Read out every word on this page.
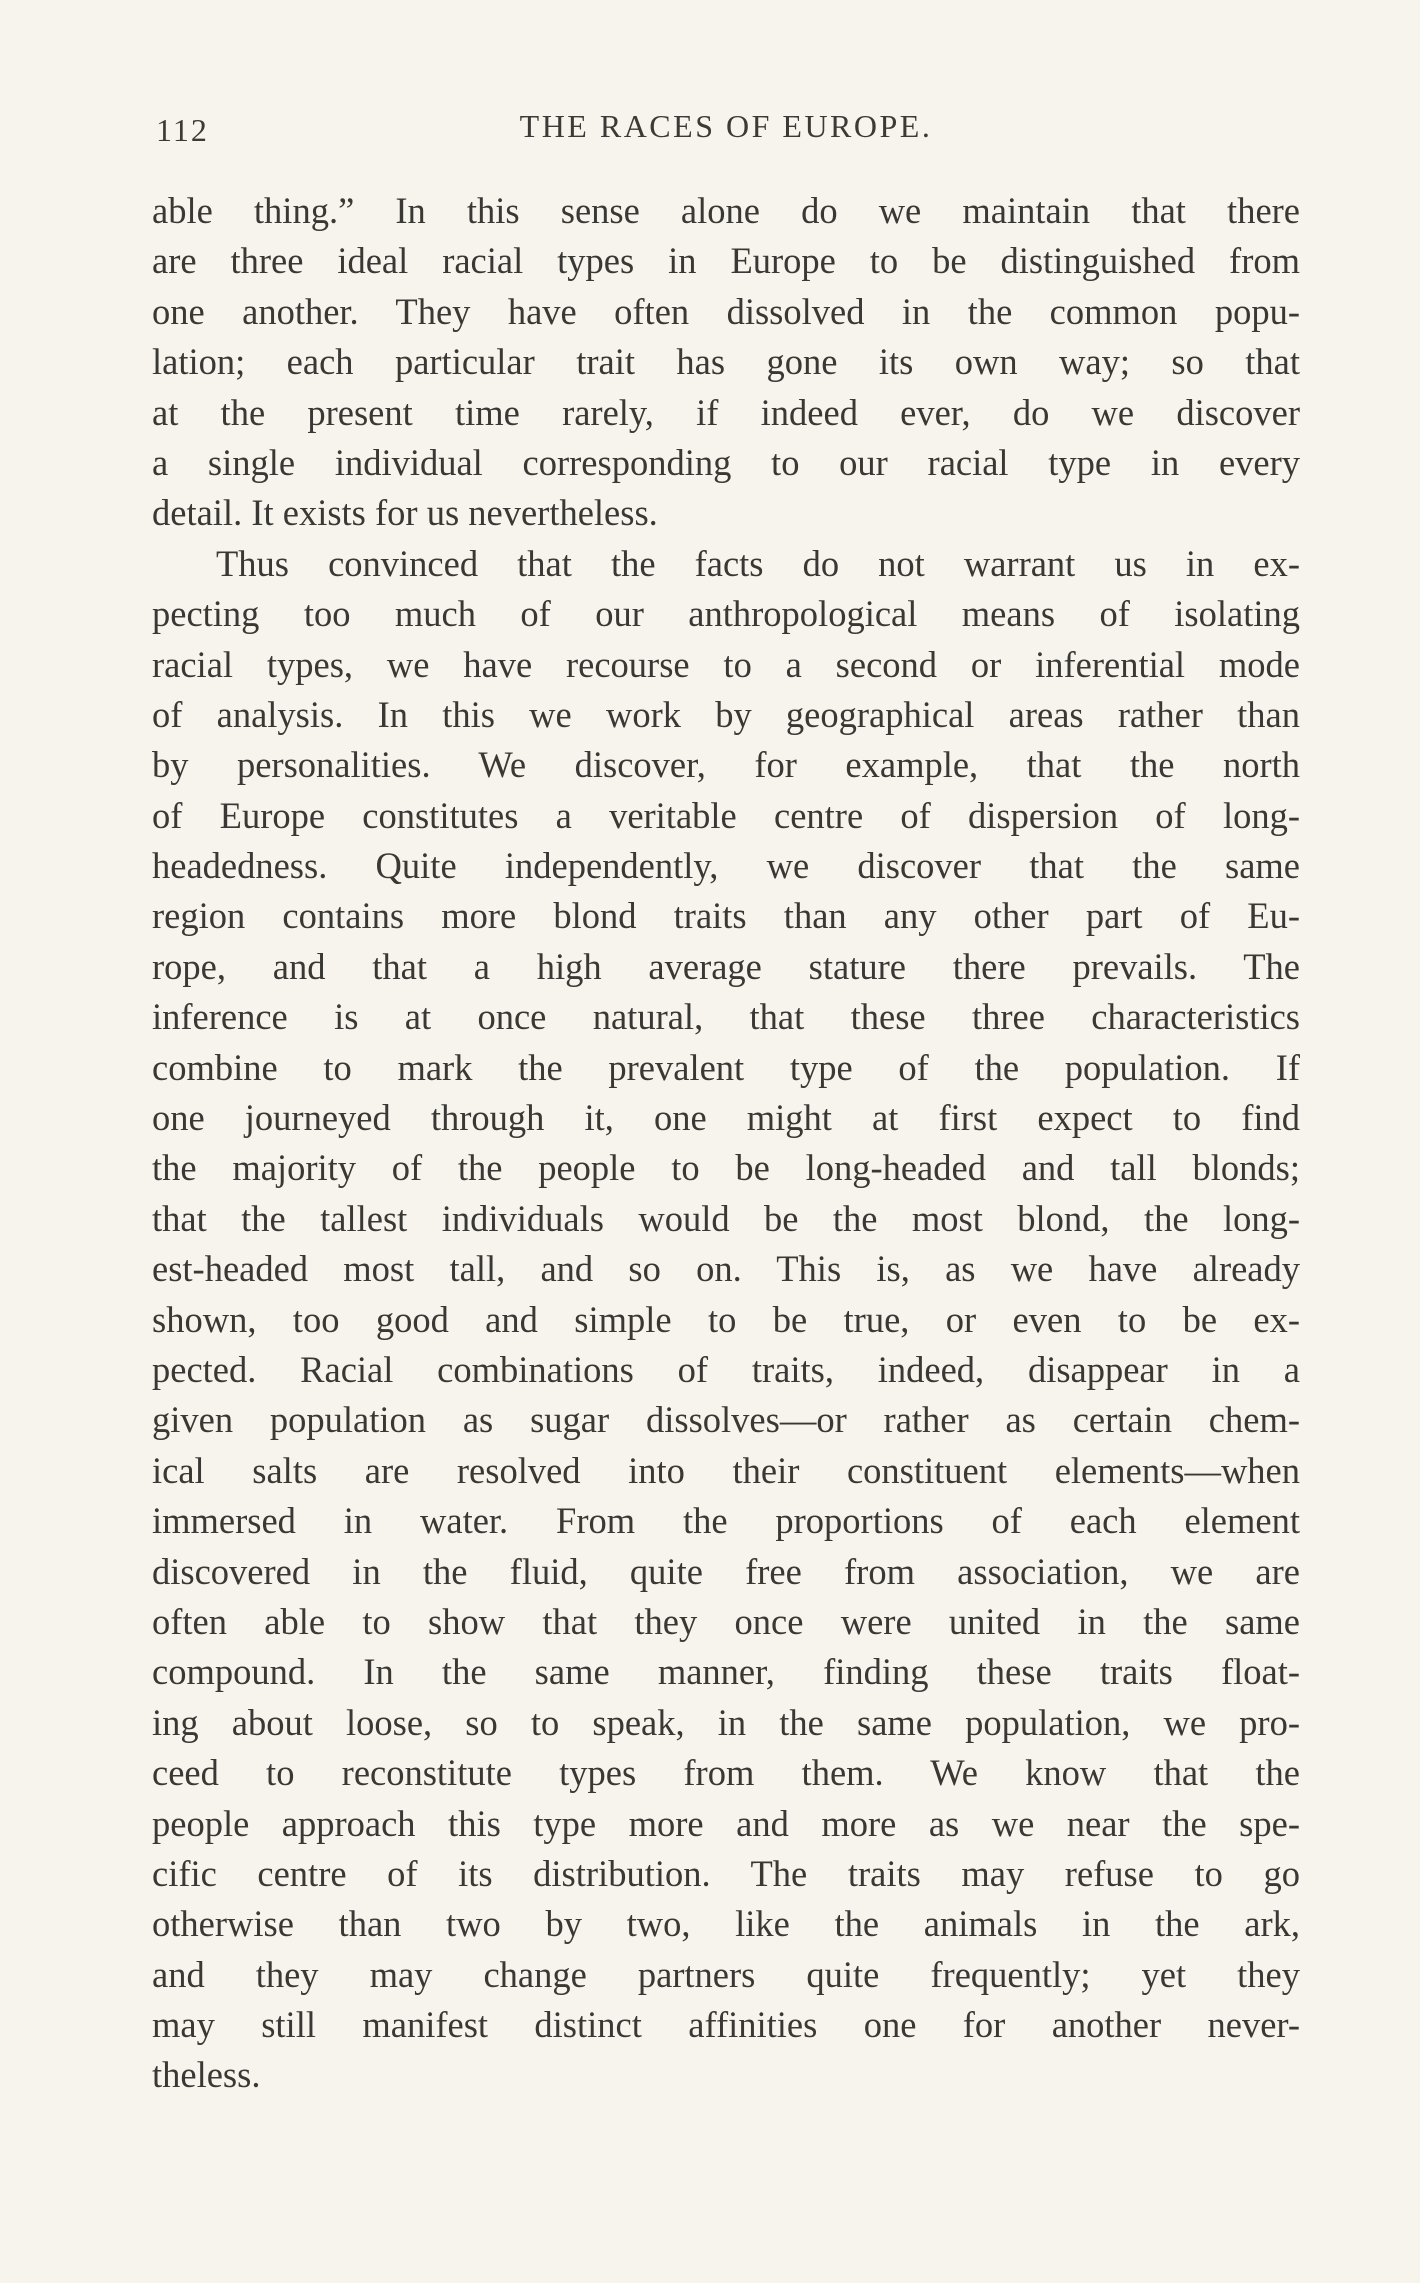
112	THE RACES OF EUROPE.
able thing.” In this sense alone do we maintain that there
are three ideal racial types in Europe to be distinguished from
one another. They have often dissolved in the common popu-
lation; each particular trait has gone its own way; so that
at the present time rarely, if indeed ever, do we discover
a single individual corresponding to our racial type in every
detail. It exists for us nevertheless.
Thus convinced that the facts do not warrant us in ex-
pecting too much of our anthropological means of isolating
racial types, we have recourse to a second or inferential mode
of analysis. In this we work by geographical areas rather than
by personalities. We discover, for example, that the north
of Europe constitutes a veritable centre of dispersion of long-
headedness. Quite independently, we discover that the same
region contains more blond traits than any other part of Eu-
rope, and that a high average stature there prevails. The
inference is at once natural, that these three characteristics
combine to mark the prevalent type of the population. If
one journeyed through it, one might at first expect to find
the majority of the people to be long-headed and tall blonds;
that the tallest individuals would be the most blond, the long-
est-headed most tall, and so on. This is, as we have already
shown, too good and simple to be true, or even to be ex-
pected. Racial combinations of traits, indeed, disappear in a
given population as sugar dissolves—or rather as certain chem-
ical salts are resolved into their constituent elements—when
immersed in water. From the proportions of each element
discovered in the fluid, quite free from association, we are
often able to show that they once were united in the same
compound. In the same manner, finding these traits float-
ing about loose, so to speak, in the same population, we pro-
ceed to reconstitute types from them. We know that the
people approach this type more and more as we near the spe-
cific centre of its distribution. The traits may refuse to go
otherwise than two by two, like the animals in the ark,
and they may change partners quite frequently; yet they
may still manifest distinct affinities one for another never-
theless.
